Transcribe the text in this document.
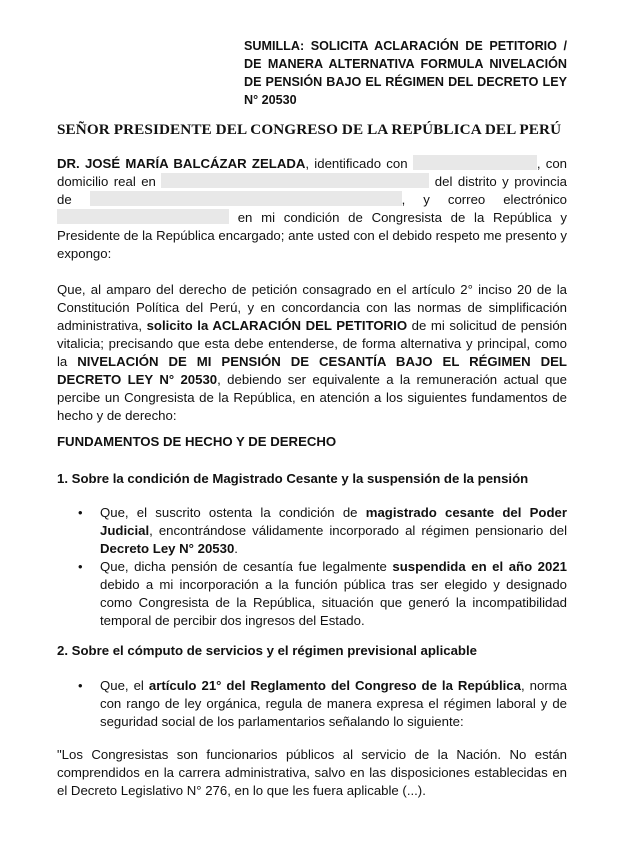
SUMILLA: SOLICITA ACLARACIÓN DE PETITORIO / DE MANERA ALTERNATIVA FORMULA NIVELACIÓN DE PENSIÓN BAJO EL RÉGIMEN DEL DECRETO LEY N° 20530
SEÑOR PRESIDENTE DEL CONGRESO DE LA REPÚBLICA DEL PERÚ
DR. JOSÉ MARÍA BALCÁZAR ZELADA, identificado con	, con domicilio real en	del distrito y provincia de	, y correo electrónico  en mi condición de Congresista de la República y Presidente de la República encargado; ante usted con el debido respeto me presento y expongo:
Que, al amparo del derecho de petición consagrado en el artículo 2° inciso 20 de la Constitución Política del Perú, y en concordancia con las normas de simplificación administrativa, solicito la ACLARACIÓN DEL PETITORIO de mi solicitud de pensión vitalicia; precisando que esta debe entenderse, de forma alternativa y principal, como la NIVELACIÓN DE MI PENSIÓN DE CESANTÍA BAJO EL RÉGIMEN DEL DECRETO LEY N° 20530, debiendo ser equivalente a la remuneración actual que percibe un Congresista de la República, en atención a los siguientes fundamentos de hecho y de derecho:
FUNDAMENTOS DE HECHO Y DE DERECHO
1. Sobre la condición de Magistrado Cesante y la suspensión de la pensión
• Que, el suscrito ostenta la condición de magistrado cesante del Poder Judicial, encontrándose válidamente incorporado al régimen pensionario del Decreto Ley N° 20530.
• Que, dicha pensión de cesantía fue legalmente suspendida en el año 2021 debido a mi incorporación a la función pública tras ser elegido y designado como Congresista de la República, situación que generó la incompatibilidad temporal de percibir dos ingresos del Estado.
2. Sobre el cómputo de servicios y el régimen previsional aplicable
• Que, el artículo 21° del Reglamento del Congreso de la República, norma con rango de ley orgánica, regula de manera expresa el régimen laboral y de seguridad social de los parlamentarios señalando lo siguiente:
"Los Congresistas son funcionarios públicos al servicio de la Nación. No están comprendidos en la carrera administrativa, salvo en las disposiciones establecidas en el Decreto Legislativo N° 276, en lo que les fuera aplicable (...).
